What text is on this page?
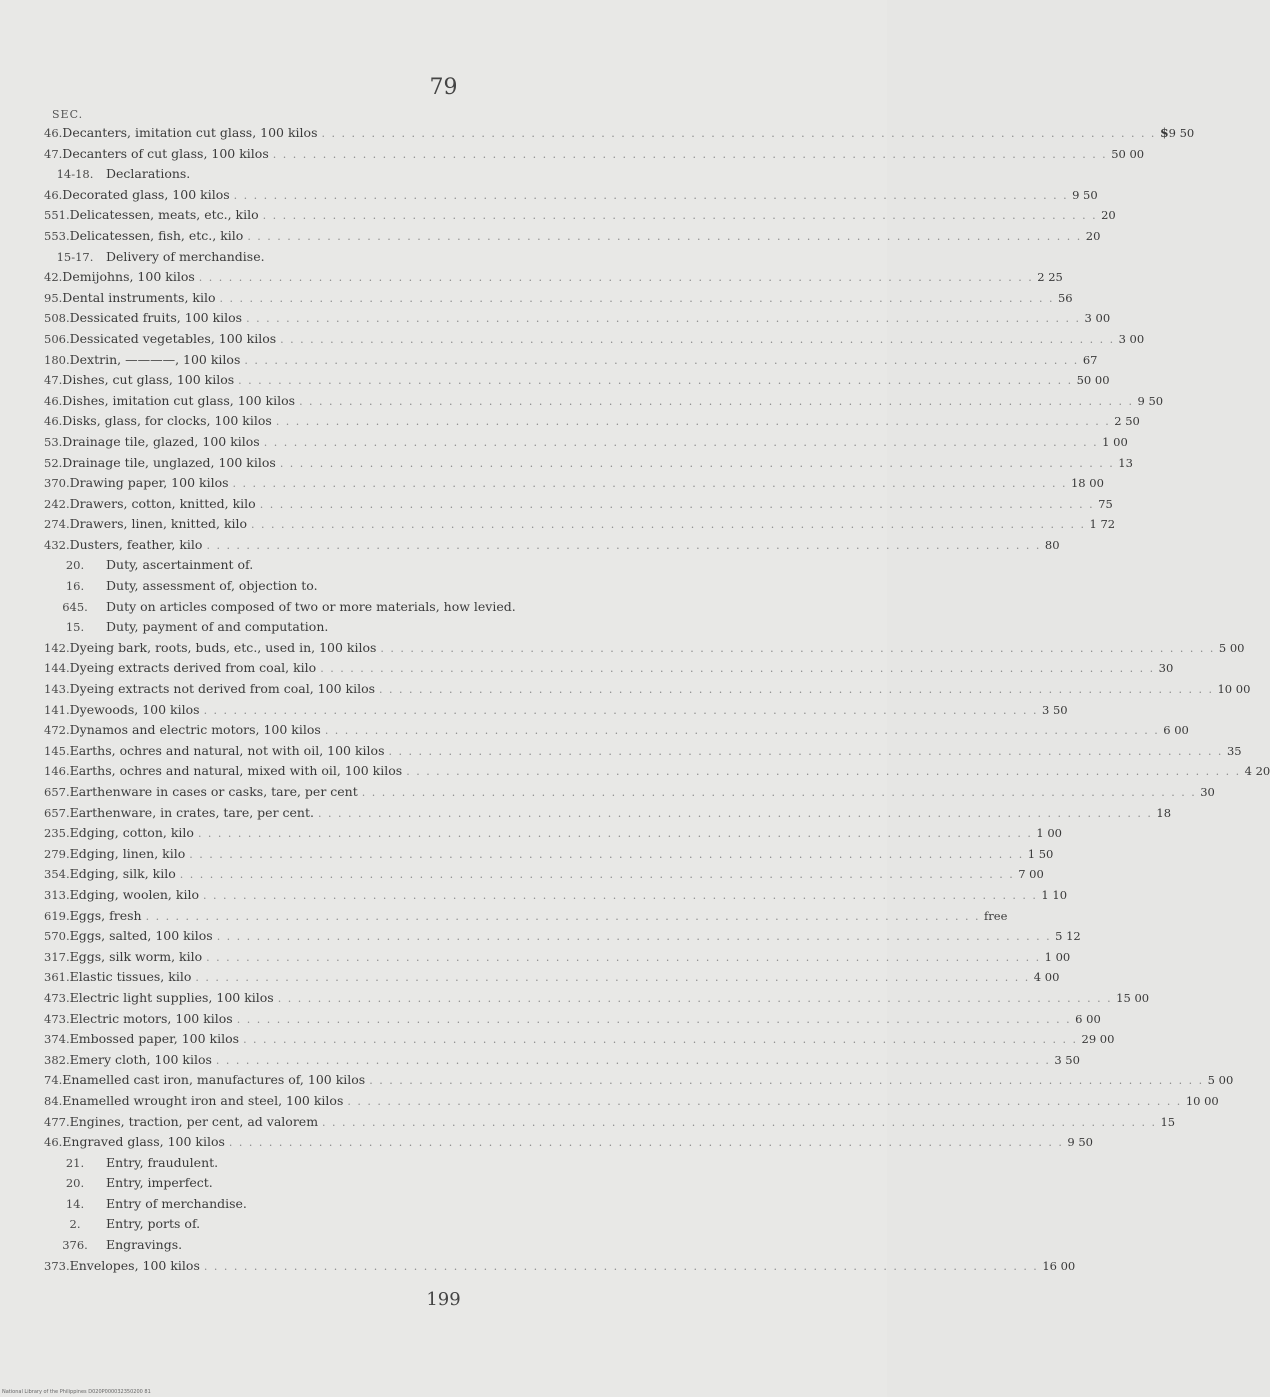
79
SEC.
46. Decanters, imitation cut glass, 100 kilos . . .	$ 9 50
47. Decanters of cut glass, 100 kilos . . .	50 00
14-18.	Declarations.
46. Decorated glass, 100 kilos . . .	9 50
551. Delicatessen, meats, etc., kilo . . .	20
553. Delicatessen, fish, etc., kilo . . .	20
15-17.	Delivery of merchandise.
42. Demijohns, 100 kilos . . .	2 25
95. Dental instruments, kilo . . .	56
508. Dessicated fruits, 100 kilos . . .	3 00
506. Dessicated vegetables, 100 kilos . . .	3 00
180. Dextrin, ————, 100 kilos . . .	67
47. Dishes, cut glass, 100 kilos . . .	50 00
46. Dishes, imitation cut glass, 100 kilos . . .	9 50
46. Disks, glass, for clocks, 100 kilos . . .	2 50
53. Drainage tile, glazed, 100 kilos . . .	1 00
52. Drainage tile, unglazed, 100 kilos . . .	13
370. Drawing paper, 100 kilos . . .	18 00
242. Drawers, cotton, knitted, kilo . . .	75
274. Drawers, linen, knitted, kilo . . .	1 72
432. Dusters, feather, kilo . . .	80
20.	Duty, ascertainment of.
16.	Duty, assessment of, objection to.
645.	Duty on articles composed of two or more materials, how levied.
15.	Duty, payment of and computation.
142. Dyeing bark, roots, buds, etc., used in, 100 kilos . . .	5 00
144. Dyeing extracts derived from coal, kilo . . .	30
143. Dyeing extracts not derived from coal, 100 kilos . . .	10 00
141. Dyewoods, 100 kilos . . .	3 50
472. Dynamos and electric motors, 100 kilos . . .	6 00
145. Earths, ochres and natural, not with oil, 100 kilos . . .	35
146. Earths, ochres and natural, mixed with oil, 100 kilos . . .	4 20
657. Earthenware in cases or casks, tare, per cent . . .	30
657. Earthenware, in crates, tare, per cent. . . .	18
235. Edging, cotton, kilo . . .	1 00
279. Edging, linen, kilo . . .	1 50
354. Edging, silk, kilo . . .	7 00
313. Edging, woolen, kilo . . .	1 10
619. Eggs, fresh . . .	free
570. Eggs, salted, 100 kilos . . .	5 12
317. Eggs, silk worm, kilo . . .	1 00
361. Elastic tissues, kilo . . .	4 00
473. Electric light supplies, 100 kilos . . .	15 00
473. Electric motors, 100 kilos . . .	6 00
374. Embossed paper, 100 kilos . . .	29 00
382. Emery cloth, 100 kilos . . .	3 50
74. Enamelled cast iron, manufactures of, 100 kilos . . .	5 00
84. Enamelled wrought iron and steel, 100 kilos . . .	10 00
477. Engines, traction, per cent, ad valorem . . .	15
46. Engraved glass, 100 kilos . . .	9 50
21.	Entry, fraudulent.
20.	Entry, imperfect.
14.	Entry of merchandise.
2.	Entry, ports of.
376.	Engravings.
373. Envelopes, 100 kilos . . .	16 00
199
National Library of the Philippines D020P000032350200 81
